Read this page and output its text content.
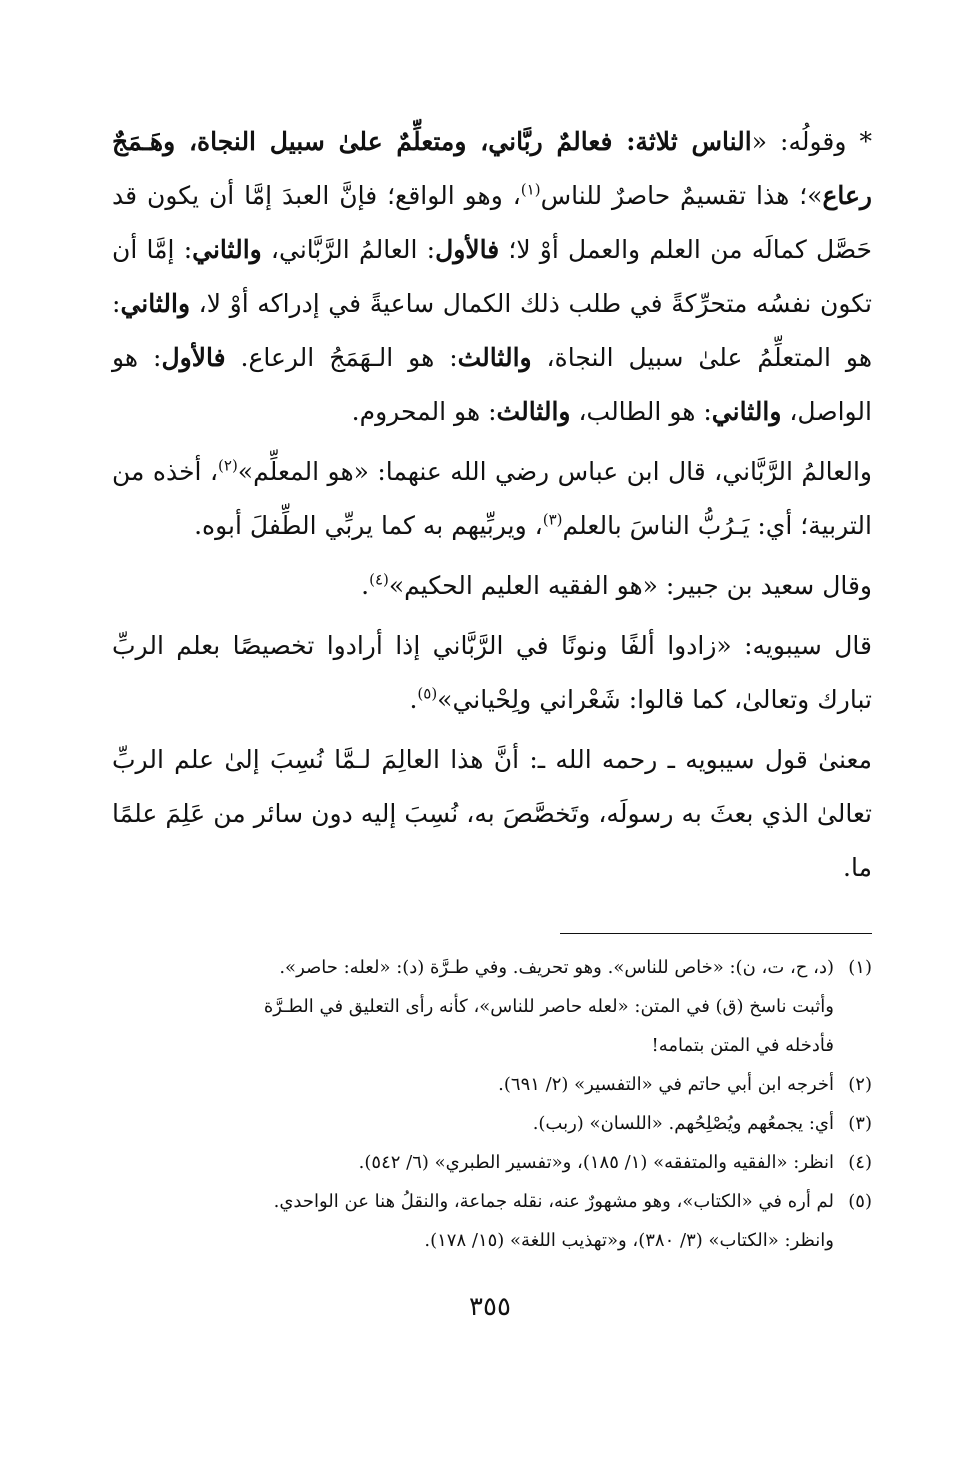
* وقولُه: «الناس ثلاثة: فعالمٌ ربَّاني، ومتعلِّمٌ علىٰ سبيل النجاة، وهَـمَجٌ رعاع»؛ هذا تقسيمٌ حاصرٌ للناس$^{(١)}$، وهو الواقع؛ فإنَّ العبدَ إمَّا أن يكون قد حَصَّل كمالَه من العلم والعمل أوْ لا؛ فالأول: العالمُ الرَّبَّاني، والثاني: إمَّا أن تكون نفسُه متحرِّكةً في طلب ذلك الكمال ساعيةً في إدراكه أوْ لا، والثاني: هو المتعلِّمُ علىٰ سبيل النجاة، والثالث: هو الـهَمَجُ الرعاع. فالأول: هو الواصل، والثاني: هو الطالب، والثالث: هو المحروم.

والعالمُ الرَّبَّاني، قال ابن عباس رضي الله عنهما: «هو المعلِّم»$^{(٢)}$، أخذه من التربية؛ أي: يَـرُبُّ الناسَ بالعلم$^{(٣)}$، ويربِّيهم به كما يربِّي الطِّفلَ أبوه.

وقال سعيد بن جبير: «هو الفقيه العليم الحكيم»$^{(٤)}$.

قال سيبويه: «زادوا ألفًا ونونًا في الرَّبَّاني إذا أرادوا تخصيصًا بعلم الربِّ تبارك وتعالىٰ، كما قالوا: شَعْراني ولِحْياني»$^{(٥)}$.

معنىٰ قول سيبويه ـ رحمه الله ـ: أنَّ هذا العالِمَ لـمَّا نُسِبَ إلىٰ علم الربِّ تعالىٰ الذي بعثَ به رسولَه، وتَخصَّصَ به، نُسِبَ إليه دون سائر من عَلِمَ علمًا ما.

(١)(د، ح، ت، ن): «خاص للناس». وهو تحريف. وفي طـرَّة (د): «لعله: حاصر».

وأثبت ناسخ (ق) في المتن: «لعله حاصر للناس»، كأنه رأى التعليق في الطـرَّة

فأدخله في المتن بتمامه!

(٢)أخرجه ابن أبي حاتم في «التفسير» (٢/ ٦٩١).

(٣)أي: يجمعُهم ويُصْلِحُهم. «اللسان» (ربب).

(٤)انظر: «الفقيه والمتفقه» (١/ ١٨٥)، و«تفسير الطبري» (٦/ ٥٤٢).

(٥)لم أره في «الكتاب»، وهو مشهورٌ عنه، نقله جماعة، والنقلُ هنا عن الواحدي.

وانظر: «الكتاب» (٣/ ٣٨٠)، و«تهذيب اللغة» (١٥/ ١٧٨).

٣٥٥
